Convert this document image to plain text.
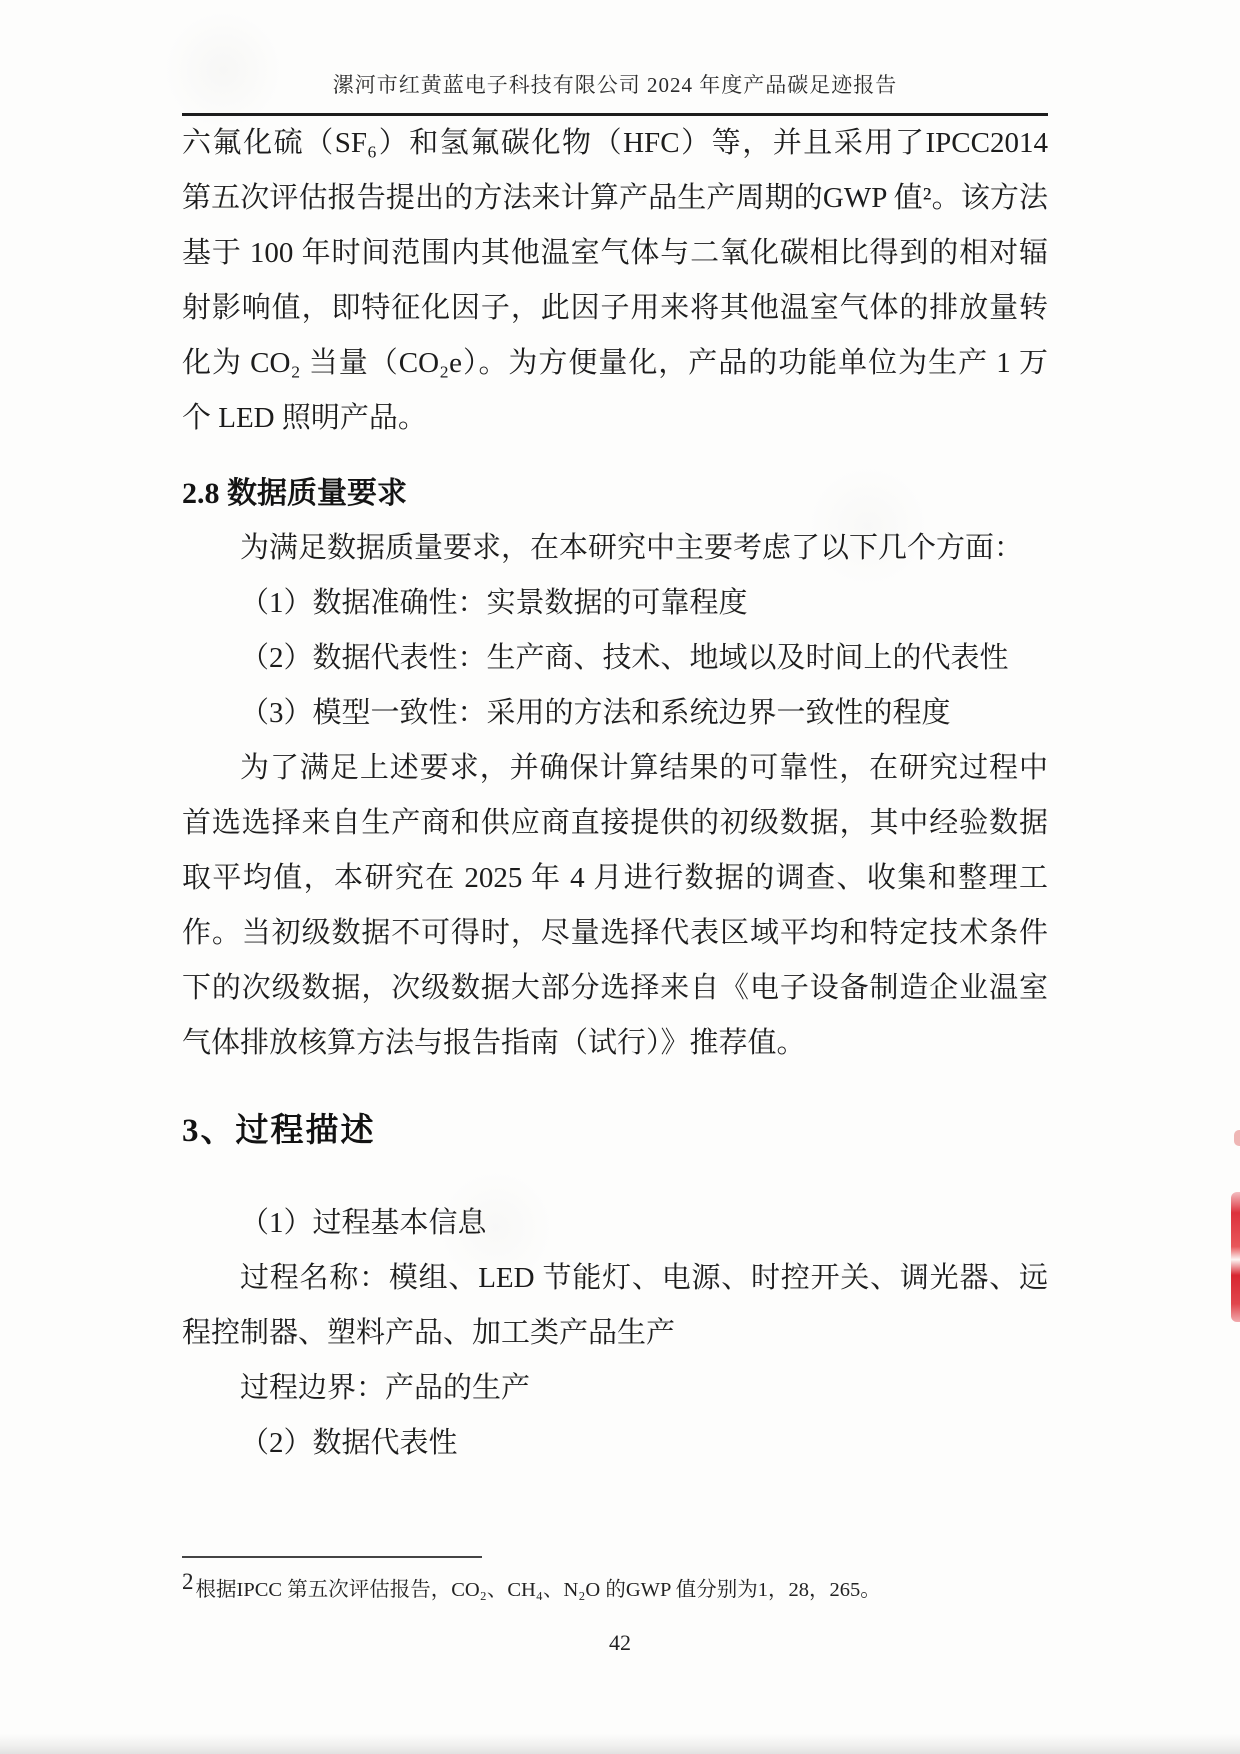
漯河市红黄蓝电子科技有限公司 2024 年度产品碳足迹报告

六氟化硫（SF₆）和氢氟碳化物（HFC）等，并且采用了IPCC2014 第五次评估报告提出的方法来计算产品生产周期的GWP 值²。该方法基于 100 年时间范围内其他温室气体与二氧化碳相比得到的相对辐射影响值，即特征化因子，此因子用来将其他温室气体的排放量转化为 CO₂ 当量（CO₂e）。为方便量化，产品的功能单位为生产 1 万个 LED 照明产品。

2.8 数据质量要求

为满足数据质量要求，在本研究中主要考虑了以下几个方面：

（1）数据准确性：实景数据的可靠程度

（2）数据代表性：生产商、技术、地域以及时间上的代表性

（3）模型一致性：采用的方法和系统边界一致性的程度

为了满足上述要求，并确保计算结果的可靠性，在研究过程中首选选择来自生产商和供应商直接提供的初级数据，其中经验数据取平均值，本研究在 2025 年 4 月进行数据的调查、收集和整理工作。当初级数据不可得时，尽量选择代表区域平均和特定技术条件下的次级数据，次级数据大部分选择来自《电子设备制造企业温室气体排放核算方法与报告指南（试行）》推荐值。

3、过程描述

（1）过程基本信息

过程名称：模组、LED 节能灯、电源、时控开关、调光器、远程控制器、塑料产品、加工类产品生产

过程边界：产品的生产

（2）数据代表性

2根据IPCC 第五次评估报告，CO₂、CH₄、N₂O 的GWP 值分别为1，28，265。
42
